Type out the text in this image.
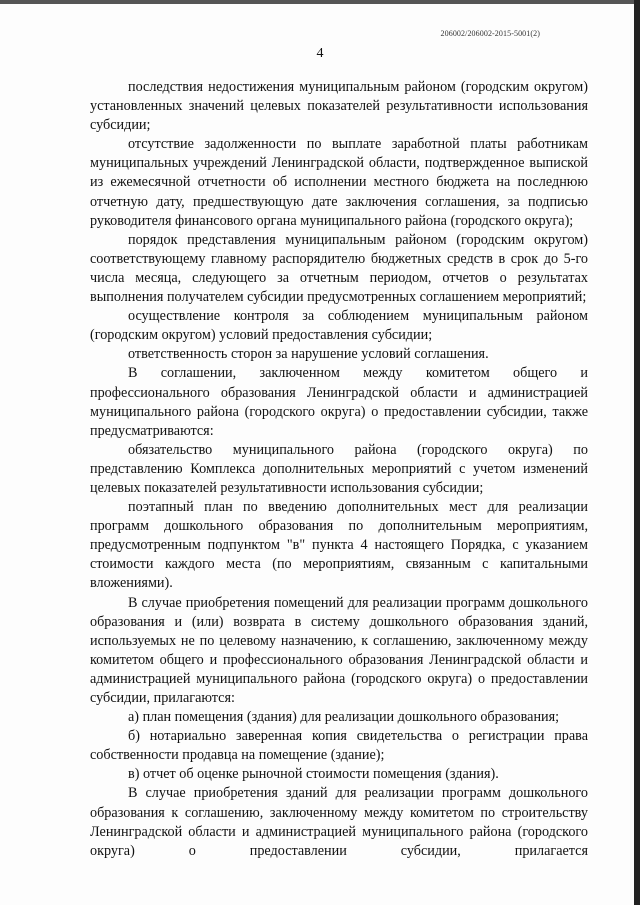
206002/206002-2015-5001(2)
4

последствия недостижения муниципальным районом (городским округом) установленных значений целевых показателей результативности использования субсидии;

отсутствие задолженности по выплате заработной платы работникам муниципальных учреждений Ленинградской области, подтвержденное выпиской из ежемесячной отчетности об исполнении местного бюджета на последнюю отчетную дату, предшествующую дате заключения соглашения, за подписью руководителя финансового органа муниципального района (городского округа);

порядок представления муниципальным районом (городским округом) соответствующему главному распорядителю бюджетных средств в срок до 5-го числа месяца, следующего за отчетным периодом, отчетов о результатах выполнения получателем субсидии предусмотренных соглашением мероприятий;

осуществление контроля за соблюдением муниципальным районом (городским округом) условий предоставления субсидии;

ответственность сторон за нарушение условий соглашения.

В соглашении, заключенном между комитетом общего и профессионального образования Ленинградской области и администрацией муниципального района (городского округа) о предоставлении субсидии, также предусматриваются:

обязательство муниципального района (городского округа) по представлению Комплекса дополнительных мероприятий с учетом изменений целевых показателей результативности использования субсидии;

поэтапный план по введению дополнительных мест для реализации программ дошкольного образования по дополнительным мероприятиям, предусмотренным подпунктом "в" пункта 4 настоящего Порядка, с указанием стоимости каждого места (по мероприятиям, связанным с капитальными вложениями).

В случае приобретения помещений для реализации программ дошкольного образования и (или) возврата в систему дошкольного образования зданий, используемых не по целевому назначению, к соглашению, заключенному между комитетом общего и профессионального образования Ленинградской области и администрацией муниципального района (городского округа) о предоставлении субсидии, прилагаются:

а) план помещения (здания) для реализации дошкольного образования;

б) нотариально заверенная копия свидетельства о регистрации права собственности продавца на помещение (здание);

в) отчет об оценке рыночной стоимости помещения (здания).

В случае приобретения зданий для реализации программ дошкольного образования к соглашению, заключенному между комитетом по строительству Ленинградской области и администрацией муниципального района (городского округа) о предоставлении субсидии, прилагается
